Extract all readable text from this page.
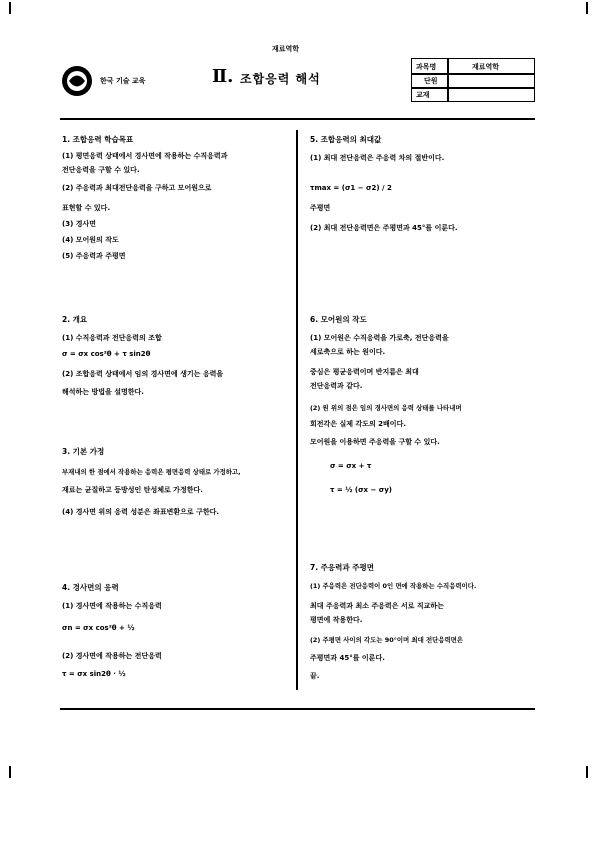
재료역학
한국 기술 교육	Ⅱ. 조합응력 해석
과목명	재료역학
단원
교재
1. 조합응력 학습목표
(1) 평면응력 상태에서 경사면에 작용하는 수직응력과
전단응력을 구할 수 있다.
(2) 주응력과 최대전단응력을 구하고 모어원으로
표현할 수 있다.
(3) 경사면
(4) 모어원의 작도
(5) 주응력과 주평면
2. 개요
(1) 수직응력과 전단응력의 조합
σ = σx cos²θ + τ sin2θ
(2) 조합응력 상태에서 임의 경사면에 생기는 응력을
해석하는 방법을 설명한다.
3. 기본 가정
부재내의 한 점에서 작용하는 응력은 평면응력 상태로 가정하고,
재료는 균질하고 등방성인 탄성체로 가정한다.
(4) 경사면 위의 응력 성분은 좌표변환으로 구한다.
4. 경사면의 응력
(1) 경사면에 작용하는 수직응력
σn = σx cos²θ + ½
(2) 경사면에 작용하는 전단응력
τ = σx sin2θ · ½
5. 조합응력의 최대값
(1) 최대 전단응력은 주응력 차의 절반이다.
τmax = (σ1 − σ2) / 2
주평면
(2) 최대 전단응력면은 주평면과 45°를 이룬다.
6. 모어원의 작도
(1) 모어원은 수직응력을 가로축, 전단응력을
세로축으로 하는 원이다.
중심은 평균응력이며 반지름은 최대
전단응력과 같다.
(2) 원 위의 점은 임의 경사면의 응력 상태를 나타내며
회전각은 실제 각도의 2배이다.
모어원을 이용하면 주응력을 구할 수 있다.
σ = σx + τ
τ = ½ (σx − σy)
7. 주응력과 주평면
(1) 주응력은 전단응력이 0인 면에 작용하는 수직응력이다.
최대 주응력과 최소 주응력은 서로 직교하는
평면에 작용한다.
(2) 주평면 사이의 각도는 90°이며 최대 전단응력면은
주평면과 45°를 이룬다.
끝.
